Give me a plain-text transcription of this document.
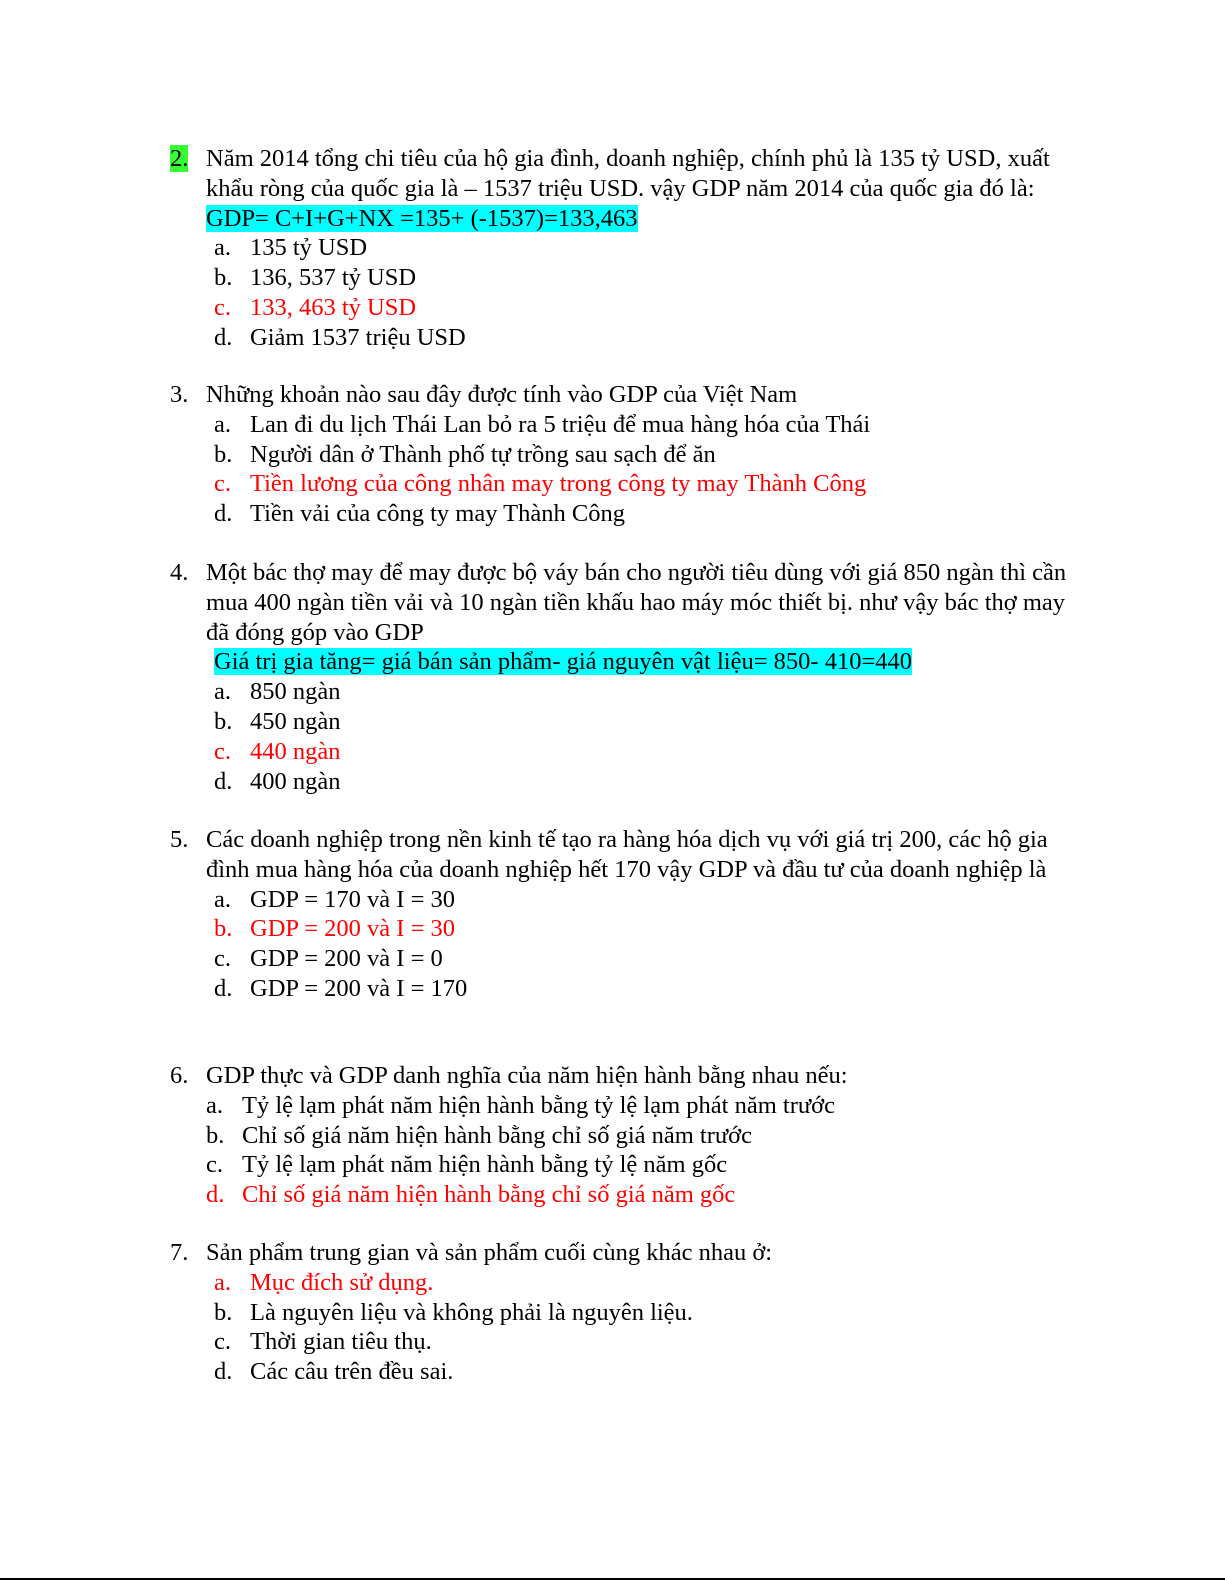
2. Năm 2014 tổng chi tiêu của hộ gia đình, doanh nghiệp, chính phủ là 135 tỷ USD, xuất khẩu ròng của quốc gia là – 1537 triệu USD. vậy GDP năm 2014 của quốc gia đó là: GDP= C+I+G+NX =135+ (-1537)=133,463
a. 135 tỷ USD
b. 136, 537 tỷ USD
c. 133, 463 tỷ USD
d. Giảm 1537 triệu USD
3. Những khoản nào sau đây được tính vào GDP của Việt Nam
a. Lan đi du lịch Thái Lan bỏ ra 5 triệu để mua hàng hóa của Thái
b. Người dân ở Thành phố tự trồng sau sạch để ăn
c. Tiền lương của công nhân may trong công ty may Thành Công
d. Tiền vải của công ty may Thành Công
4. Một bác thợ may để may được bộ váy bán cho người tiêu dùng với giá 850 ngàn thì cần mua 400 ngàn tiền vải và 10 ngàn tiền khấu hao máy móc thiết bị. như vậy bác thợ may đã đóng góp vào GDP
Giá trị gia tăng= giá bán sản phẩm- giá nguyên vật liệu= 850- 410=440
a. 850 ngàn
b. 450 ngàn
c. 440 ngàn
d. 400 ngàn
5. Các doanh nghiệp trong nền kinh tế tạo ra hàng hóa dịch vụ với giá trị 200, các hộ gia đình mua hàng hóa của doanh nghiệp hết 170 vậy GDP và đầu tư của doanh nghiệp là
a. GDP = 170 và I = 30
b. GDP = 200 và I = 30
c. GDP = 200 và I = 0
d. GDP = 200 và I = 170
6. GDP thực và GDP danh nghĩa của năm hiện hành bằng nhau nếu:
a. Tỷ lệ lạm phát năm hiện hành bằng tỷ lệ lạm phát năm trước
b. Chỉ số giá năm hiện hành bằng chỉ số giá năm trước
c. Tỷ lệ lạm phát năm hiện hành bằng tỷ lệ năm gốc
d. Chỉ số giá năm hiện hành bằng chỉ số giá năm gốc
7. Sản phẩm trung gian và sản phẩm cuối cùng khác nhau ở:
a. Mục đích sử dụng.
b. Là nguyên liệu và không phải là nguyên liệu.
c. Thời gian tiêu thụ.
d. Các câu trên đều sai.
